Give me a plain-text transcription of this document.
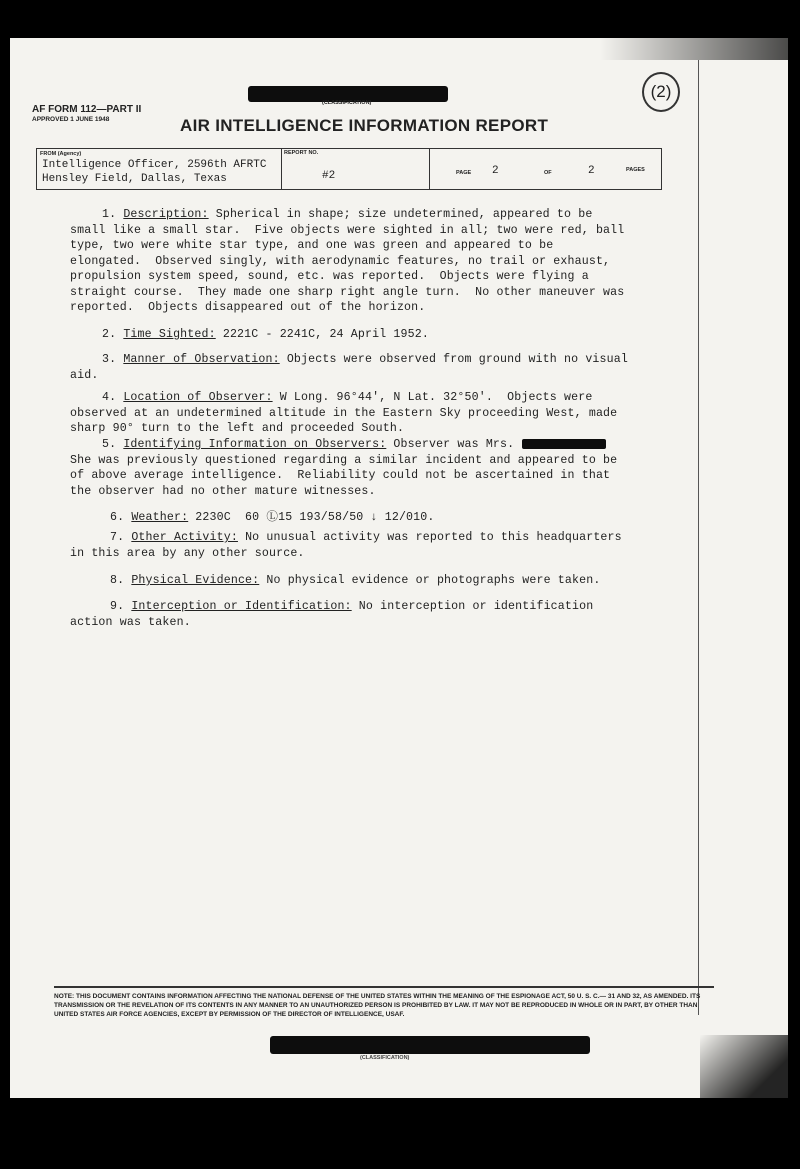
AF FORM 112—PART II
APPROVED 1 JUNE 1948
(CLASSIFICATION)
AIR INTELLIGENCE INFORMATION REPORT
(2)
FROM (Agency)
Intelligence Officer, 2596th AFRTC
Hensley Field, Dallas, Texas
REPORT NO.
#2	PAGE 2	OF	2	PAGES
1. Description: Spherical in shape; size undetermined, appeared to be small like a small star.  Five objects were sighted in all; two were red, ball type, two were white star type, and one was green and appeared to be elongated.  Observed singly, with aerodynamic features, no trail or exhaust, propulsion system speed, sound, etc. was reported.  Objects were flying a straight course.  They made one sharp right angle turn.  No other maneuver was reported.  Objects disappeared out of the horizon.
2. Time Sighted: 2221C - 2241C, 24 April 1952.
3. Manner of Observation: Objects were observed from ground with no visual aid.
4. Location of Observer: W Long. 96°44', N Lat. 32°50'.  Objects were observed at an undetermined altitude in the Eastern Sky proceeding West, made sharp 90° turn to the left and proceeded South.
5. Identifying Information on Observers: Observer was Mrs.
She was previously questioned regarding a similar incident and appeared to be of above average intelligence.  Reliability could not be ascertained in that the observer had no other mature witnesses.
6. Weather: 2230C  60 Ⓛ15 193/58/50 ↓ 12/010.
7. Other Activity: No unusual activity was reported to this headquarters in this area by any other source.
8. Physical Evidence: No physical evidence or photographs were taken.
9. Interception or Identification: No interception or identification action was taken.
NOTE: THIS DOCUMENT CONTAINS INFORMATION AFFECTING THE NATIONAL DEFENSE OF THE UNITED STATES WITHIN THE MEANING OF THE ESPIONAGE ACT, 50 U. S. C.— 31 AND 32, AS AMENDED. ITS TRANSMISSION OR THE REVELATION OF ITS CONTENTS IN ANY MANNER TO AN UNAUTHORIZED PERSON IS PROHIBITED BY LAW. IT MAY NOT BE REPRODUCED IN WHOLE OR IN PART, BY OTHER THAN UNITED STATES AIR FORCE AGENCIES, EXCEPT BY PERMISSION OF THE DIRECTOR OF INTELLIGENCE, USAF.
(CLASSIFICATION)
